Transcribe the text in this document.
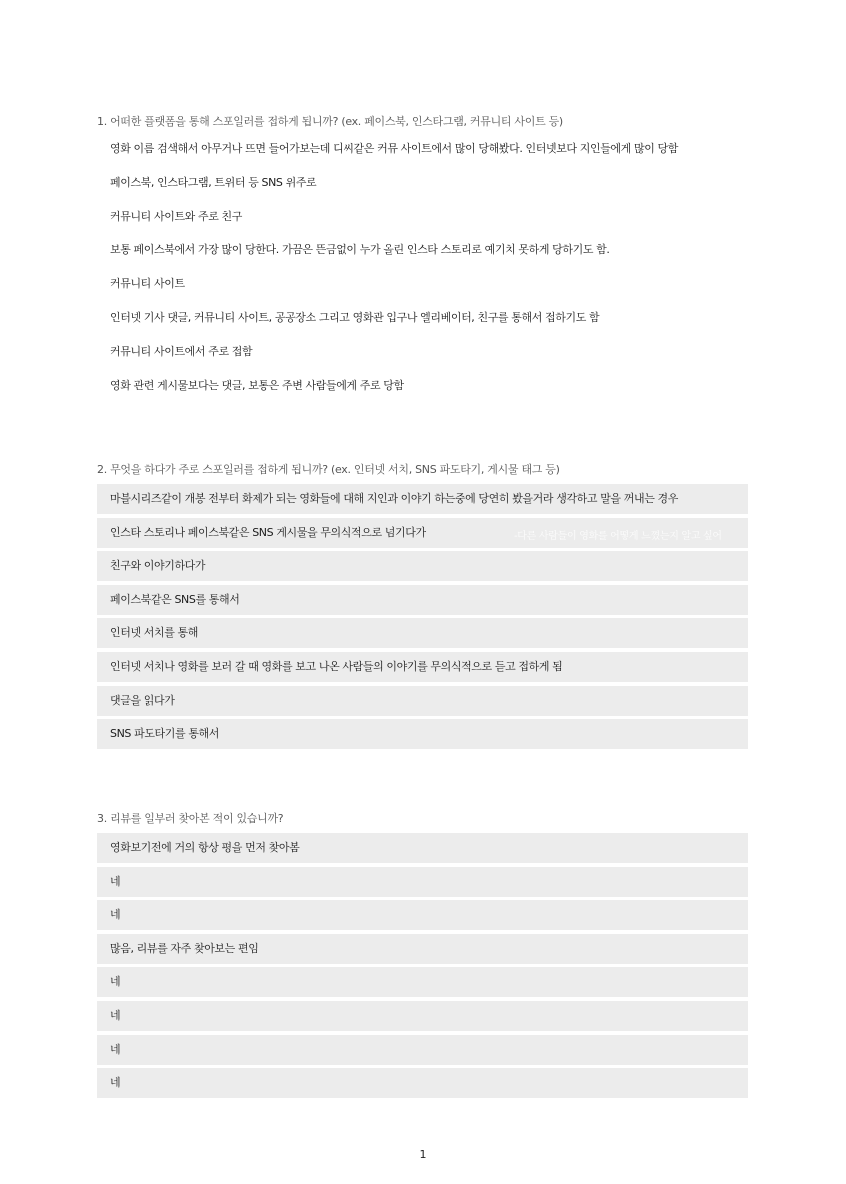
1. 어떠한 플랫폼을 통해 스포일러를 접하게 됩니까? (ex. 페이스북, 인스타그램, 커뮤니티 사이트 등)
영화 이름 검색해서 아무거나 뜨면 들어가보는데 디씨같은 커뮤 사이트에서 많이 당해봤다. 인터넷보다 지인들에게 많이 당함
페이스북, 인스타그램, 트위터 등 SNS 위주로
커뮤니티 사이트와 주로 친구
보통 페이스북에서 가장 많이 당한다. 가끔은 뜬금없이 누가 올린 인스타 스토리로 예기치 못하게 당하기도 함.
커뮤니티 사이트
인터넷 기사 댓글, 커뮤니티 사이트, 공공장소 그리고 영화관 입구나 엘리베이터, 친구를 통해서 접하기도 함
커뮤니티 사이트에서 주로 접함
영화 관련 게시물보다는 댓글, 보통은 주변 사람들에게 주로 당함
2. 무엇을 하다가 주로 스포일러를 접하게 됩니까? (ex. 인터넷 서치, SNS 파도타기, 게시물 태그 등)
마블시리즈같이 개봉 전부터 화제가 되는 영화들에 대해 지인과 이야기 하는중에 당연히 봤을거라 생각하고 말을 꺼내는 경우
인스타 스토리나 페이스북같은 SNS 게시물을 무의식적으로 넘기다가
친구와 이야기하다가
페이스북같은 SNS를 통해서
인터넷 서치를 통해
인터넷 서치나 영화를 보러 갈 때 영화를 보고 나온 사람들의 이야기를 무의식적으로 듣고 접하게 됨
댓글을 읽다가
SNS 파도타기를 통해서
-다른 사람들이 영화를 어떻게 느꼈는지 알고 싶어
3. 리뷰를 일부러 찾아본 적이 있습니까?
영화보기전에 거의 항상 평을 먼저 찾아봄
네
네
많음, 리뷰를 자주 찾아보는 편임
네
네
네
네
1
